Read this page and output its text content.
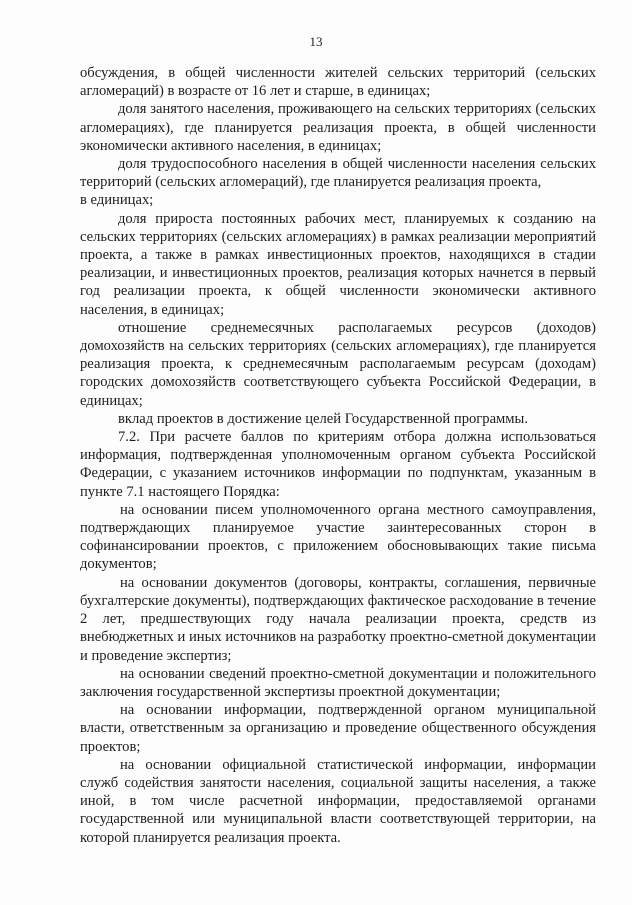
13

обсуждения, в общей численности жителей сельских территорий (сельских агломераций) в возрасте от 16 лет и старше, в единицах;

доля занятого населения, проживающего на сельских территориях (сельских агломерациях), где планируется реализация проекта, в общей численности экономически активного населения, в единицах;

доля трудоспособного населения в общей численности населения сельских территорий (сельских агломераций), где планируется реализация проекта,

в единицах;

доля прироста постоянных рабочих мест, планируемых к созданию на сельских территориях (сельских агломерациях) в рамках реализации мероприятий проекта, а также в рамках инвестиционных проектов, находящихся в стадии реализации, и инвестиционных проектов, реализация которых начнется в первый год реализации проекта, к общей численности экономически активного населения, в единицах;

отношение среднемесячных располагаемых ресурсов (доходов) домохозяйств на сельских территориях (сельских агломерациях), где планируется реализация проекта, к среднемесячным располагаемым ресурсам (доходам) городских домохозяйств соответствующего субъекта Российской Федерации, в единицах;

вклад проектов в достижение целей Государственной программы.

7.2. При расчете баллов по критериям отбора должна использоваться информация, подтвержденная уполномоченным органом субъекта Российской Федерации, с указанием источников информации по подпунктам, указанным в пункте 7.1 настоящего Порядка:

на основании писем уполномоченного органа местного самоуправления, подтверждающих планируемое участие заинтересованных сторон в софинансировании проектов, с приложением обосновывающих такие письма документов;

на основании документов (договоры, контракты, соглашения, первичные бухгалтерские документы), подтверждающих фактическое расходование в течение 2 лет, предшествующих году начала реализации проекта, средств из внебюджетных и иных источников на разработку проектно-сметной документации и проведение экспертиз;

на основании сведений проектно-сметной документации и положительного заключения государственной экспертизы проектной документации;

на основании информации, подтвержденной органом муниципальной власти, ответственным за организацию и проведение общественного обсуждения проектов;

на основании официальной статистической информации, информации служб содействия занятости населения, социальной защиты населения, а также иной, в том числе расчетной информации, предоставляемой органами государственной или муниципальной власти соответствующей территории, на которой планируется реализация проекта.
